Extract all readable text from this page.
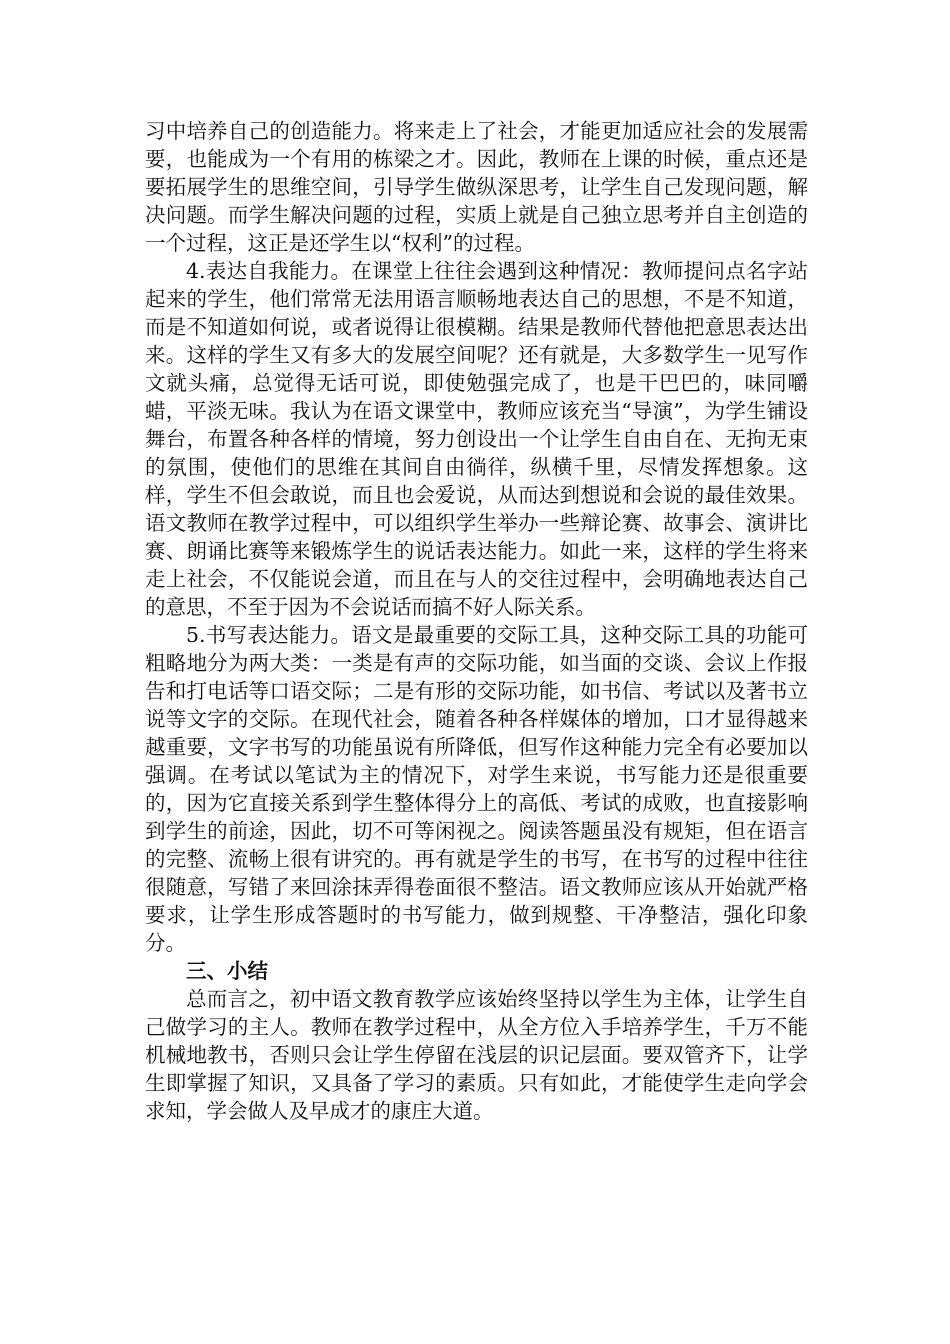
习中培养自己的创造能力。将来走上了社会，才能更加适应社会的发展需要，也能成为一个有用的栋梁之才。因此，教师在上课的时候，重点还是要拓展学生的思维空间，引导学生做纵深思考，让学生自己发现问题，解决问题。而学生解决问题的过程，实质上就是自己独立思考并自主创造的一个过程，这正是还学生以“权利”的过程。

4.表达自我能力。在课堂上往往会遇到这种情况：教师提问点名字站起来的学生，他们常常无法用语言顺畅地表达自己的思想，不是不知道，而是不知道如何说，或者说得让很模糊。结果是教师代替他把意思表达出来。这样的学生又有多大的发展空间呢？还有就是，大多数学生一见写作文就头痛，总觉得无话可说，即使勉强完成了，也是干巴巴的，味同嚼蜡，平淡无味。我认为在语文课堂中，教师应该充当“导演”，为学生铺设舞台，布置各种各样的情境，努力创设出一个让学生自由自在、无拘无束的氛围，使他们的思维在其间自由徜徉，纵横千里，尽情发挥想象。这样，学生不但会敢说，而且也会爱说，从而达到想说和会说的最佳效果。语文教师在教学过程中，可以组织学生举办一些辩论赛、故事会、演讲比赛、朗诵比赛等来锻炼学生的说话表达能力。如此一来，这样的学生将来走上社会，不仅能说会道，而且在与人的交往过程中，会明确地表达自己的意思，不至于因为不会说话而搞不好人际关系。

5.书写表达能力。语文是最重要的交际工具，这种交际工具的功能可粗略地分为两大类：一类是有声的交际功能，如当面的交谈、会议上作报告和打电话等口语交际；二是有形的交际功能，如书信、考试以及著书立说等文字的交际。在现代社会，随着各种各样媒体的增加，口才显得越来越重要，文字书写的功能虽说有所降低，但写作这种能力完全有必要加以强调。在考试以笔试为主的情况下，对学生来说，书写能力还是很重要的，因为它直接关系到学生整体得分上的高低、考试的成败，也直接影响到学生的前途，因此，切不可等闲视之。阅读答题虽没有规矩，但在语言的完整、流畅上很有讲究的。再有就是学生的书写，在书写的过程中往往很随意，写错了来回涂抹弄得卷面很不整洁。语文教师应该从开始就严格要求，让学生形成答题时的书写能力，做到规整、干净整洁，强化印象分。

三、小结

总而言之，初中语文教育教学应该始终坚持以学生为主体，让学生自己做学习的主人。教师在教学过程中，从全方位入手培养学生，千万不能机械地教书，否则只会让学生停留在浅层的识记层面。要双管齐下，让学生即掌握了知识，又具备了学习的素质。只有如此，才能使学生走向学会求知，学会做人及早成才的康庄大道。
